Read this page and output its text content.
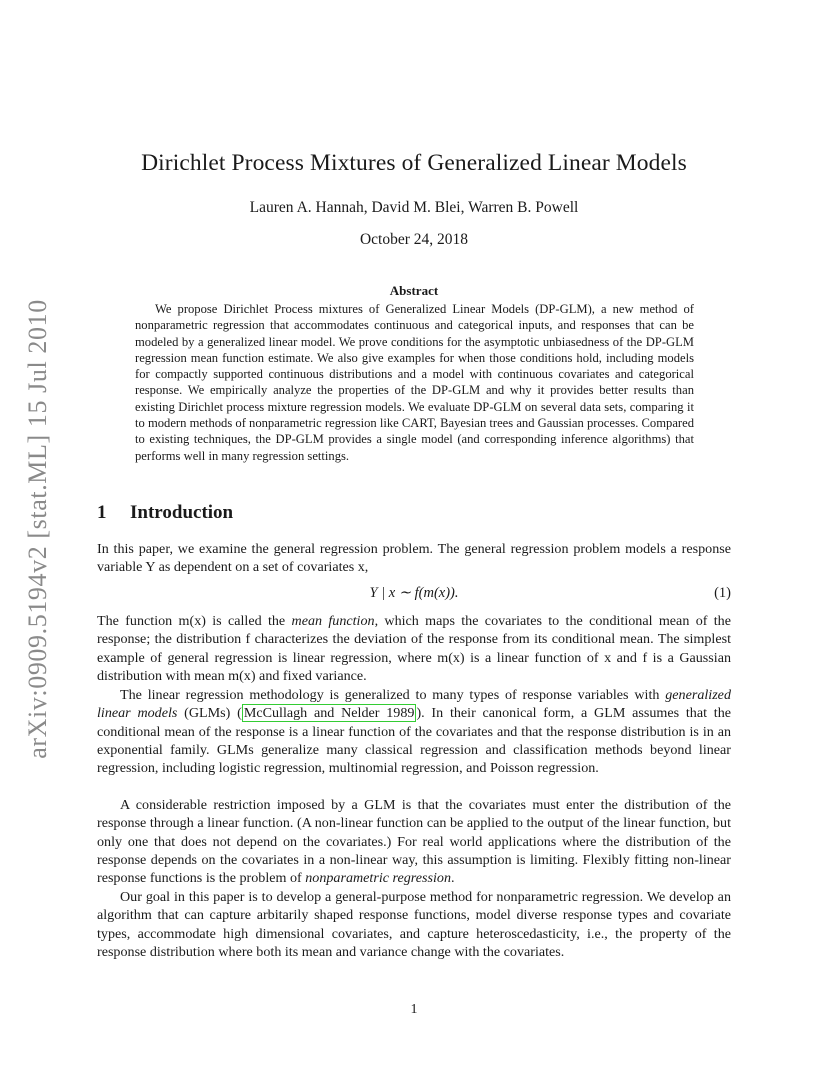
arXiv:0909.5194v2 [stat.ML] 15 Jul 2010
Dirichlet Process Mixtures of Generalized Linear Models
Lauren A. Hannah, David M. Blei, Warren B. Powell
October 24, 2018
Abstract

We propose Dirichlet Process mixtures of Generalized Linear Models (DP-GLM), a new method of nonparametric regression that accommodates continuous and categorical inputs, and responses that can be modeled by a generalized linear model. We prove conditions for the asymptotic unbiasedness of the DP-GLM regression mean function estimate. We also give examples for when those conditions hold, including models for compactly supported continuous distributions and a model with continuous covariates and categorical response. We empirically analyze the properties of the DP-GLM and why it provides better results than existing Dirichlet process mixture regression models. We evaluate DP-GLM on several data sets, comparing it to modern methods of nonparametric regression like CART, Bayesian trees and Gaussian processes. Compared to existing techniques, the DP-GLM provides a single model (and corresponding inference algorithms) that performs well in many regression settings.

1 Introduction

In this paper, we examine the general regression problem. The general regression problem models a response variable Y as dependent on a set of covariates x,

Y | x ∼ f(m(x)).	(1)

The function m(x) is called the mean function, which maps the covariates to the conditional mean of the response; the distribution f characterizes the deviation of the response from its conditional mean. The simplest example of general regression is linear regression, where m(x) is a linear function of x and f is a Gaussian distribution with mean m(x) and fixed variance.

The linear regression methodology is generalized to many types of response variables with generalized linear models (GLMs) ( McCullagh and Nelder 1989 ). In their canonical form, a GLM assumes that the conditional mean of the response is a linear function of the covariates and that the response distribution is in an exponential family. GLMs generalize many classical regression and classification methods beyond linear regression, including logistic regression, multinomial regression, and Poisson regression.

A considerable restriction imposed by a GLM is that the covariates must enter the distribution of the response through a linear function. (A non-linear function can be applied to the output of the linear function, but only one that does not depend on the covariates.) For real world applications where the distribution of the response depends on the covariates in a non-linear way, this assumption is limiting. Flexibly fitting non-linear response functions is the problem of nonparametric regression.

Our goal in this paper is to develop a general-purpose method for nonparametric regression. We develop an algorithm that can capture arbitarily shaped response functions, model diverse response types and covariate types, accommodate high dimensional covariates, and capture heteroscedasticity, i.e., the property of the response distribution where both its mean and variance change with the covariates.

1
